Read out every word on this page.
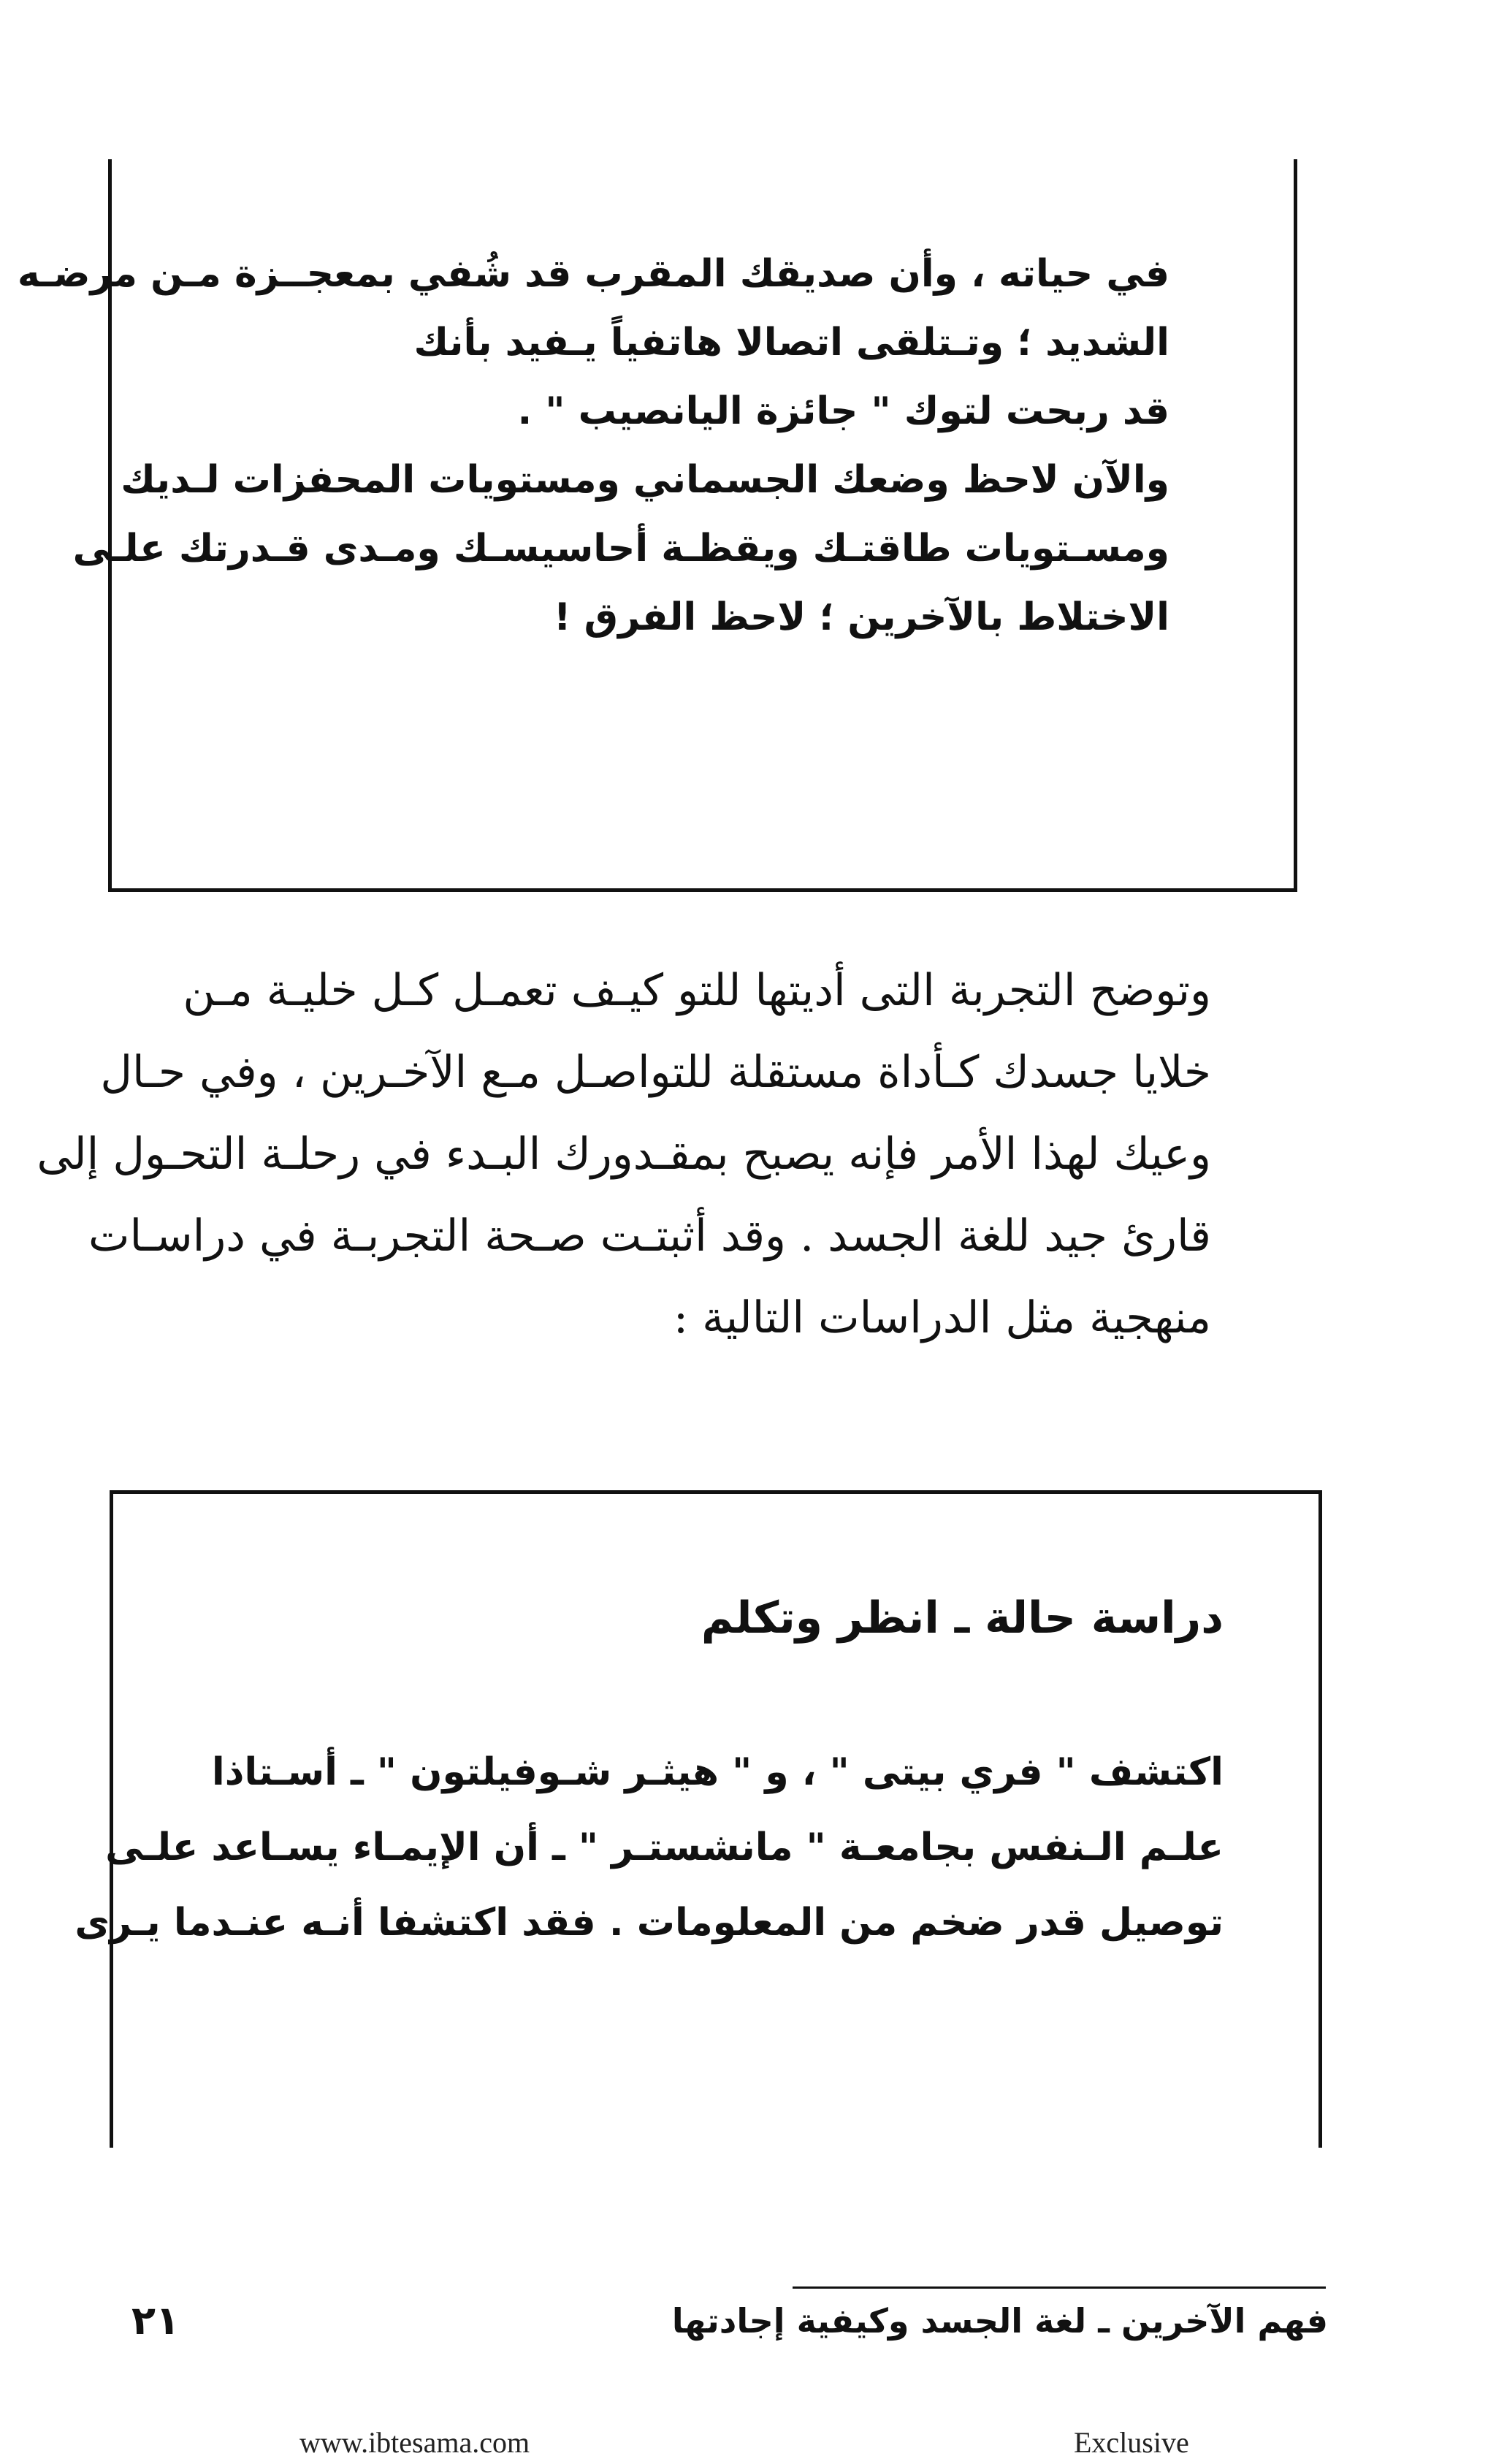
في حياته ، وأن صديقك المقرب قد شُفي بمعجــزة مـن مرضـه
الشديد ؛ وتـتلقى اتصالا هاتفياً يـفيد بأنك
قد ربحت لتوك " جائزة اليانصيب " .
والآن لاحظ وضعك الجسماني ومستويات المحفزات لـديك
ومسـتويات طاقتـك ويقظـة أحاسيسـك ومـدى قـدرتك علـى
الاختلاط بالآخرين ؛ لاحظ الفرق !
وتوضح التجربة التى أديتها للتو كيـف تعمـل كـل خليـة مـن
خلايا جسدك كـأداة مستقلة للتواصـل مـع الآخـرين ، وفي حـال
وعيك لهذا الأمر فإنه يصبح بمقـدورك البـدء في رحلـة التحـول إلى
قارئ جيد للغة الجسد . وقد أثبتـت صـحة التجربـة في دراسـات
منهجية مثل الدراسات التالية :
دراسة حالة ـ انظر وتكلم
اكتشف " فري بيتى " ، و " هيثـر شـوفيلتون " ـ أسـتاذا
علـم الـنفس بجامعـة " مانشستـر " ـ أن الإيمـاء يسـاعد علـى
توصيل قدر ضخم من المعلومات . فقد اكتشفا أنـه عنـدما يـرى
فهم الآخرين ـ لغة الجسد وكيفية إجادتها
٢١
www.ibtesama.com	Exclusive
